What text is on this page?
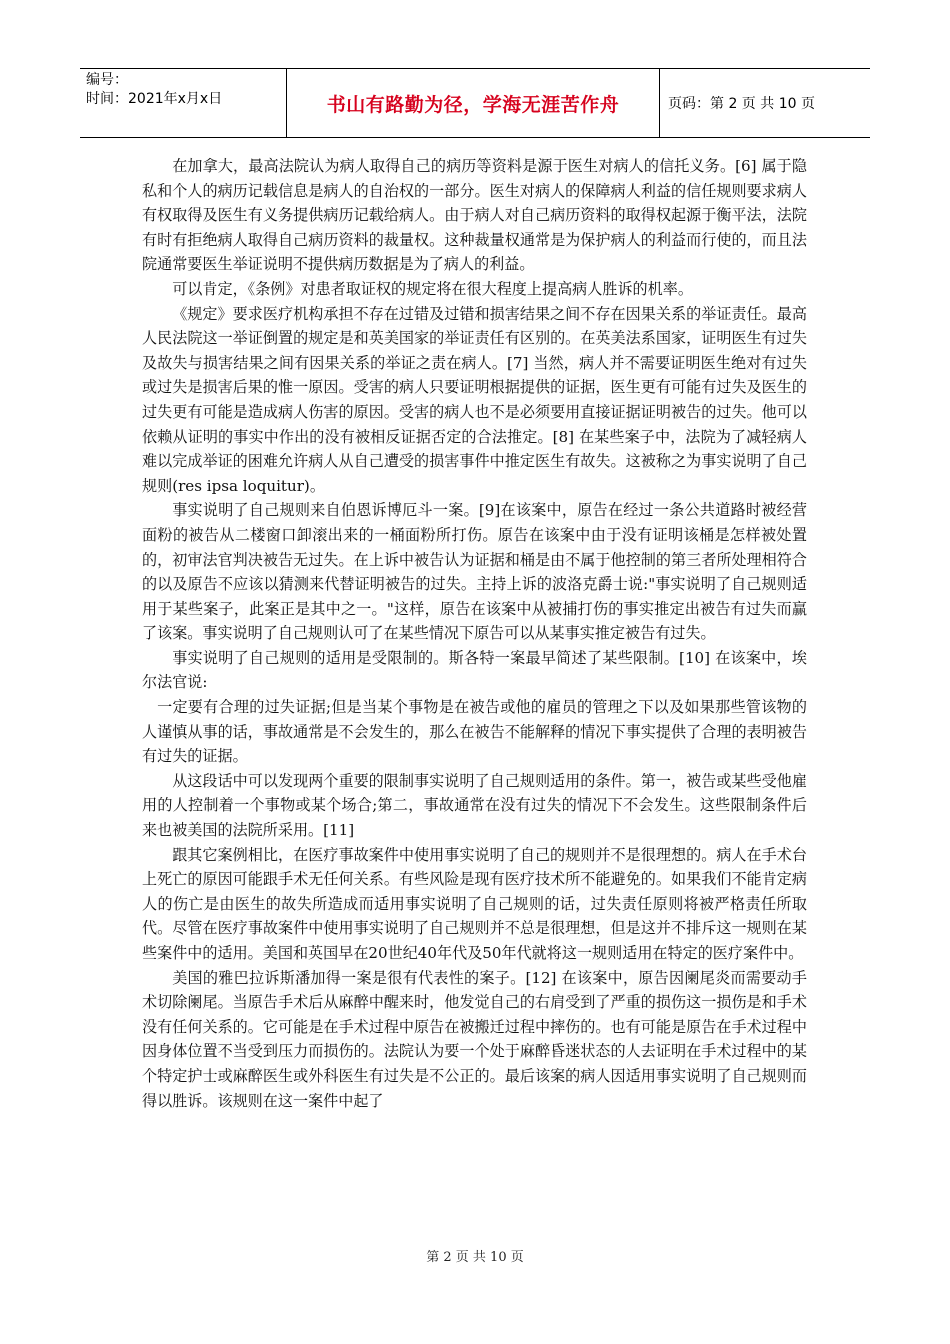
编号：
时间：2021年x月x日	书山有路勤为径，学海无涯苦作舟	页码：第 2 页 共 10 页

在加拿大，最高法院认为病人取得自己的病历等资料是源于医生对病人的信托义务。[6] 属于隐私和个人的病历记载信息是病人的自治权的一部分。医生对病人的保障病人利益的信任规则要求病人有权取得及医生有义务提供病历记载给病人。由于病人对自己病历资料的取得权起源于衡平法，法院有时有拒绝病人取得自己病历资料的裁量权。这种裁量权通常是为保护病人的利益而行使的，而且法院通常要医生举证说明不提供病历数据是为了病人的利益。

可以肯定，《条例》对患者取证权的规定将在很大程度上提高病人胜诉的机率。

《规定》要求医疗机构承担不存在过错及过错和损害结果之间不存在因果关系的举证责任。最高人民法院这一举证倒置的规定是和英美国家的举证责任有区别的。在英美法系国家，证明医生有过失及故失与损害结果之间有因果关系的举证之责在病人。[7] 当然，病人并不需要证明医生绝对有过失或过失是损害后果的惟一原因。受害的病人只要证明根据提供的证据，医生更有可能有过失及医生的过失更有可能是造成病人伤害的原因。受害的病人也不是必须要用直接证据证明被告的过失。他可以依赖从证明的事实中作出的没有被相反证据否定的合法推定。[8] 在某些案子中，法院为了减轻病人难以完成举证的困难允许病人从自己遭受的损害事件中推定医生有故失。这被称之为事实说明了自己规则(res ipsa loquitur)。

事实说明了自己规则来自伯恩诉博厄斗一案。[9]在该案中，原告在经过一条公共道路时被经营面粉的被告从二楼窗口卸滚出来的一桶面粉所打伤。原告在该案中由于没有证明该桶是怎样被处置的，初审法官判决被告无过失。在上诉中被告认为证据和桶是由不属于他控制的第三者所处理相符合的以及原告不应该以猜测来代替证明被告的过失。主持上诉的波洛克爵士说:"事实说明了自己规则适用于某些案子，此案正是其中之一。"这样，原告在该案中从被捕打伤的事实推定出被告有过失而赢了该案。事实说明了自己规则认可了在某些情况下原告可以从某事实推定被告有过失。

事实说明了自己规则的适用是受限制的。斯各特一案最早简述了某些限制。[10] 在该案中，埃尔法官说:

一定要有合理的过失证据;但是当某个事物是在被告或他的雇员的管理之下以及如果那些管该物的人谨慎从事的话，事故通常是不会发生的，那么在被告不能解释的情况下事实提供了合理的表明被告有过失的证据。

从这段话中可以发现两个重要的限制事实说明了自己规则适用的条件。第一，被告或某些受他雇用的人控制着一个事物或某个场合;第二，事故通常在没有过失的情况下不会发生。这些限制条件后来也被美国的法院所采用。[11]

跟其它案例相比，在医疗事故案件中使用事实说明了自己的规则并不是很理想的。病人在手术台上死亡的原因可能跟手术无任何关系。有些风险是现有医疗技术所不能避免的。如果我们不能肯定病人的伤亡是由医生的故失所造成而适用事实说明了自己规则的话，过失责任原则将被严格责任所取代。尽管在医疗事故案件中使用事实说明了自己规则并不总是很理想，但是这并不排斥这一规则在某些案件中的适用。美国和英国早在20世纪40年代及50年代就将这一规则适用在特定的医疗案件中。

美国的雅巴拉诉斯潘加得一案是很有代表性的案子。[12] 在该案中，原告因阑尾炎而需要动手术切除阑尾。当原告手术后从麻醉中醒来时，他发觉自己的右肩受到了严重的损伤这一损伤是和手术没有任何关系的。它可能是在手术过程中原告在被搬迁过程中摔伤的。也有可能是原告在手术过程中因身体位置不当受到压力而损伤的。法院认为要一个处于麻醉昏迷状态的人去证明在手术过程中的某个特定护士或麻醉医生或外科医生有过失是不公正的。最后该案的病人因适用事实说明了自己规则而得以胜诉。该规则在这一案件中起了

第 2 页 共 10 页
